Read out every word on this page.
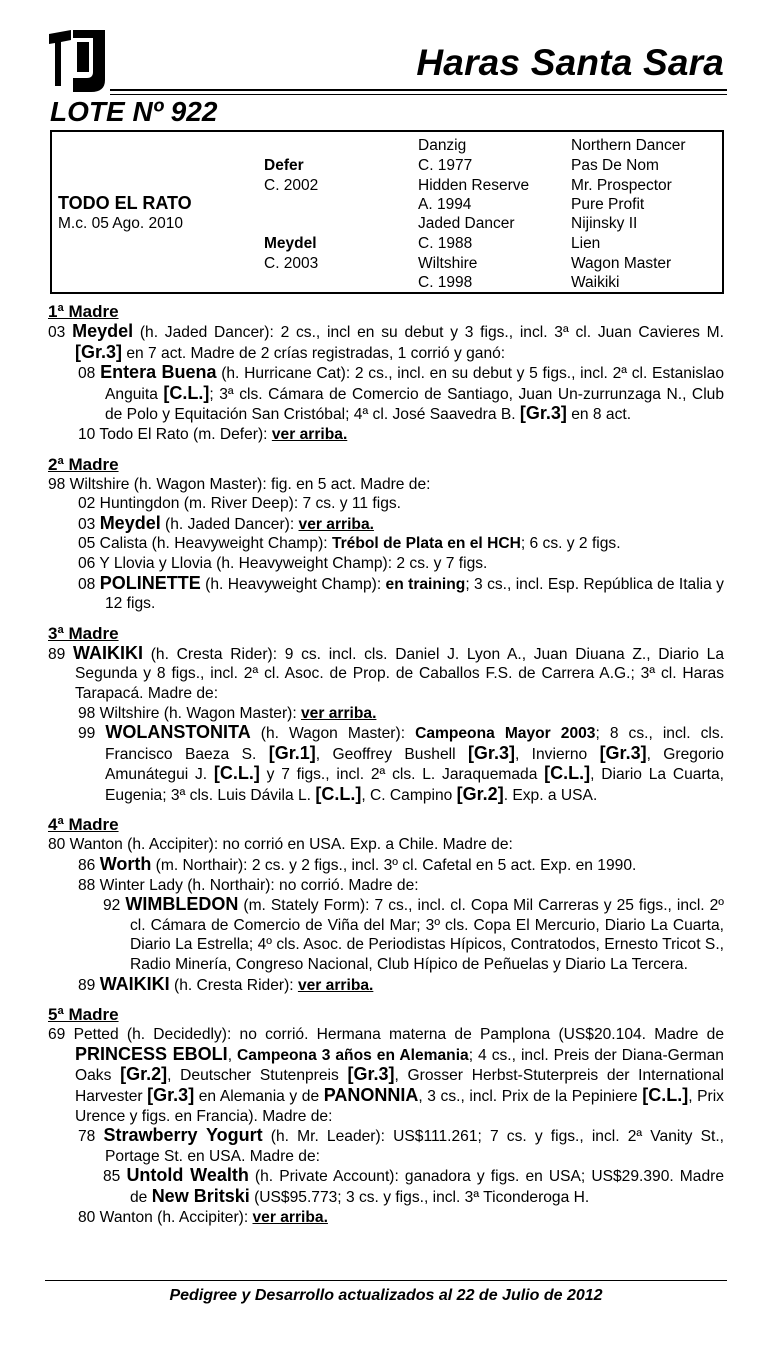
Haras Santa Sara
LOTE Nº 922
TODO EL RATO
M.c. 05 Ago. 2010
Defer
C. 2002
Meydel
C. 2003
Danzig
C. 1977
Hidden Reserve
A. 1994
Jaded Dancer
C. 1988
Wiltshire
C. 1998
Northern Dancer
Pas De Nom
Mr. Prospector
Pure Profit
Nijinsky II
Lien
Wagon Master
Waikiki
1ª Madre
03 Meydel (h. Jaded Dancer): 2 cs., incl en su debut y 3 figs., incl. 3ª cl. Juan Cavieres M. [Gr.3] en 7 act. Madre de 2 crías registradas, 1 corrió y ganó:
08 Entera Buena (h. Hurricane Cat): 2 cs., incl. en su debut y 5 figs., incl. 2ª cl. Estanislao Anguita [C.L.]; 3ª cls. Cámara de Comercio de Santiago, Juan Un-zurrunzaga N., Club de Polo y Equitación San Cristóbal; 4ª cl. José Saavedra B. [Gr.3] en 8 act.
10 Todo El Rato (m. Defer): ver arriba.
2ª Madre
98 Wiltshire (h. Wagon Master): fig. en 5 act. Madre de:
02 Huntingdon (m. River Deep): 7 cs. y 11 figs.
03 Meydel (h. Jaded Dancer): ver arriba.
05 Calista (h. Heavyweight Champ): Trébol de Plata en el HCH; 6 cs. y 2 figs.
06 Y Llovia y Llovia (h. Heavyweight Champ): 2 cs. y 7 figs.
08 POLINETTE (h. Heavyweight Champ): en training; 3 cs., incl. Esp. República de Italia y 12 figs.
3ª Madre
89 WAIKIKI (h. Cresta Rider): 9 cs. incl. cls. Daniel J. Lyon A., Juan Diuana Z., Diario La Segunda y 8 figs., incl. 2ª cl. Asoc. de Prop. de Caballos F.S. de Carrera A.G.; 3ª cl. Haras Tarapacá. Madre de:
98 Wiltshire (h. Wagon Master): ver arriba.
99 WOLANSTONITA (h. Wagon Master): Campeona Mayor 2003; 8 cs., incl. cls. Francisco Baeza S. [Gr.1], Geoffrey Bushell [Gr.3], Invierno [Gr.3], Gregorio Amunátegui J. [C.L.] y 7 figs., incl. 2ª cls. L. Jaraquemada [C.L.], Diario La Cuarta, Eugenia; 3ª cls. Luis Dávila L. [C.L.], C. Campino [Gr.2]. Exp. a USA.
4ª Madre
80 Wanton (h. Accipiter): no corrió en USA. Exp. a Chile. Madre de:
86 Worth (m. Northair): 2 cs. y 2 figs., incl. 3º cl. Cafetal en 5 act. Exp. en 1990.
88 Winter Lady (h. Northair): no corrió. Madre de:
92 WIMBLEDON (m. Stately Form): 7 cs., incl. cl. Copa Mil Carreras y 25 figs., incl. 2º cl. Cámara de Comercio de Viña del Mar; 3º cls. Copa El Mercurio, Diario La Cuarta, Diario La Estrella; 4º cls. Asoc. de Periodistas Hípicos, Contratodos, Ernesto Tricot S., Radio Minería, Congreso Nacional, Club Hípico de Peñuelas y Diario La Tercera.
89 WAIKIKI (h. Cresta Rider): ver arriba.
5ª Madre
69 Petted (h. Decidedly): no corrió. Hermana materna de Pamplona (US$20.104. Madre de PRINCESS EBOLI, Campeona 3 años en Alemania; 4 cs., incl. Preis der Diana-German Oaks [Gr.2], Deutscher Stutenpreis [Gr.3], Grosser Herbst-Stuterpreis der International Harvester [Gr.3] en Alemania y de PANONNIA, 3 cs., incl. Prix de la Pepiniere [C.L.], Prix Urence y figs. en Francia). Madre de:
78 Strawberry Yogurt (h. Mr. Leader): US$111.261; 7 cs. y figs., incl. 2ª Vanity St., Portage St. en USA. Madre de:
85 Untold Wealth (h. Private Account): ganadora y figs. en USA; US$29.390. Madre de New Britski (US$95.773; 3 cs. y figs., incl. 3ª Ticonderoga H.
80 Wanton (h. Accipiter): ver arriba.
Pedigree y Desarrollo actualizados al 22 de Julio de 2012
